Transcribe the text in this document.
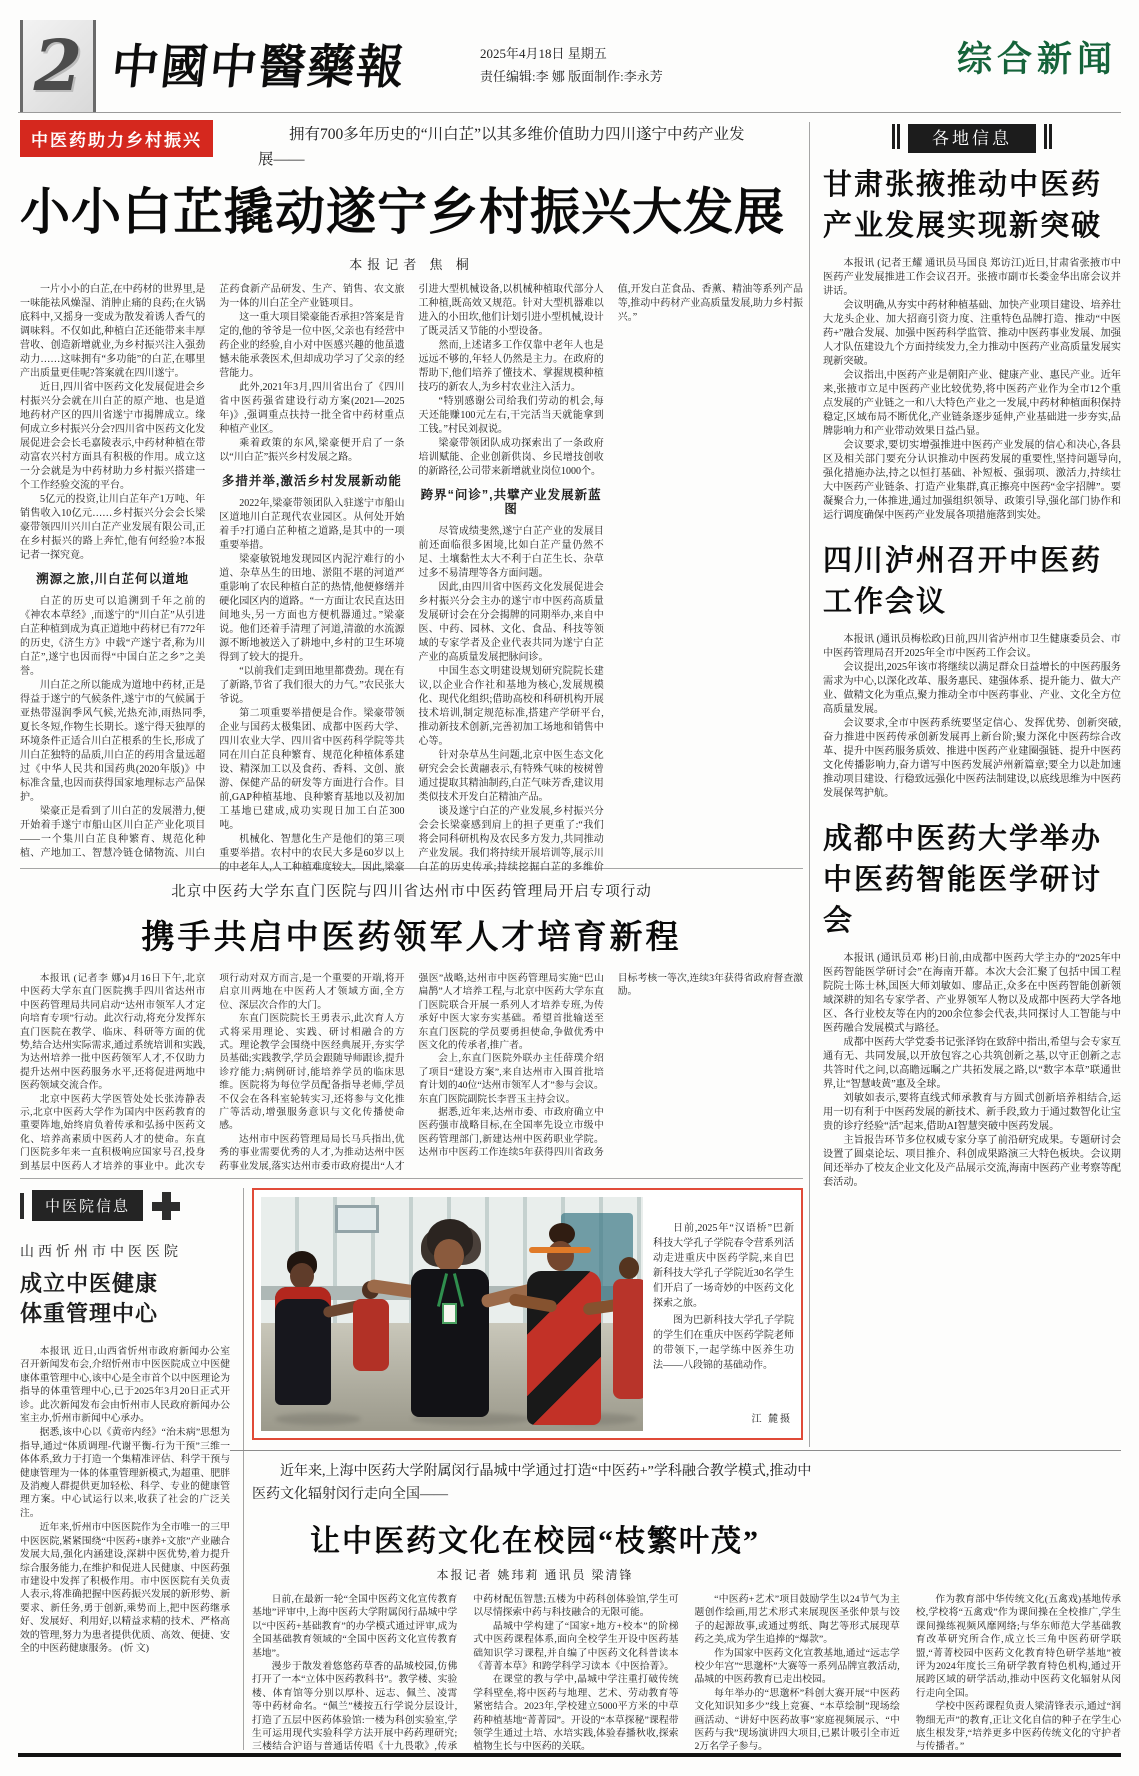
2 中國中醫藥報	2025年4月18日 星期五
责任编辑:李 娜 版面制作:李永芳	综合新闻
中医药助力乡村振兴	拥有700多年历史的“川白芷”以其多维价值助力四川遂宁中药产业发展——
小小白芷撬动遂宁乡村振兴大发展
本报记者 焦 桐

一片小小的白芷,在中药材的世界里,是一味能祛风燥湿、消肿止痛的良药;在火锅底料中,又摇身一变成为散发着诱人香气的调味料。不仅如此,种植白芷还能带来丰厚营收、创造新增就业,为乡村振兴注入强劲动力……这味拥有“多功能”的白芷,在哪里产出质量更佳呢?答案就在四川遂宁。

近日,四川省中医药文化发展促进会乡村振兴分会就在川白芷的原产地、也是道地药材产区的四川省遂宁市揭牌成立。缘何成立乡村振兴分会?四川省中医药文化发展促进会会长毛嘉陵表示,中药材种植在带动富农兴村方面具有积极的作用。成立这一分会就是为中药材助力乡村振兴搭建一个工作经验交流的平台。

5亿元的投资,让川白芷年产1万吨、年销售收入10亿元……乡村振兴分会会长梁豪带领四川兴川白芷产业发展有限公司,正在乡村振兴的路上奔忙,他有何经验?本报记者一探究竟。

溯源之旅,川白芷何以道地

白芷的历史可以追溯到千年之前的《神农本草经》,而遂宁的“川白芷”从引进白芷种植到成为真正道地中药材已有772年的历史,《济生方》中载“产遂宁者,称为川白芷”,遂宁也因而得“中国白芷之乡”之美誉。

川白芷之所以能成为道地中药材,正是得益于遂宁的气候条件,遂宁市的气候属于亚热带湿润季风气候,光热充沛,雨热同季,夏长冬短,作物生长期长。遂宁得天独厚的环境条件正适合川白芷根系的生长,形成了川白芷独特的品质,川白芷的药用含量远超过《中华人民共和国药典(2020年版)》中标准含量,也因而获得国家地理标志产品保护。

梁豪正是看到了川白芷的发展潜力,便开始着手遂宁市船山区川白芷产业化项目——一个集川白芷良种繁育、规范化种植、产地加工、智慧冷链仓储物流、川白芷药食新产品研发、生产、销售、农文旅为一体的川白芷全产业链项目。

这一重大项目梁豪能否承担?答案是肯定的,他的爷爷是一位中医,父亲也有经营中药企业的经验,自小对中医感兴趣的他虽遗憾未能承袭医术,但却成功学习了父亲的经营能力。

此外,2021年3月,四川省出台了《四川省中医药强省建设行动方案(2021—2025年)》,强调重点扶持一批全省中药材重点种植产业区。

乘着政策的东风,梁豪便开启了一条以“川白芷”振兴乡村发展之路。

多措并举,激活乡村发展新动能

2022年,梁豪带领团队入驻遂宁市船山区道地川白芷现代农业园区。从何处开始着手?打通白芷种植之道路,是其中的一项重要举措。

梁豪敏锐地发现园区内泥泞难行的小道、杂草丛生的田地、淤阻不堪的河道严重影响了农民种植白芷的热情,他便修缮并硬化园区内的道路。“一方面让农民直达田间地头,另一方面也方便机器通过。”梁豪说。他们还着手清理了河道,清澈的水流源源不断地被送入了耕地中,乡村的卫生环境得到了较大的提升。

“以前我们走到田地里都费劲。现在有了新路,节省了我们很大的力气。”农民张大爷说。

第二项重要举措便是合作。梁豪带领企业与国药太极集团、成都中医药大学、四川农业大学、四川省中医药科学院等共同在川白芷良种繁育、规范化种植体系建设、精深加工以及食药、香料、文创、旅游、保健产品的研发等方面进行合作。目前,GAP种植基地、良种繁育基地以及初加工基地已建成,成功实现日加工白芷300吨。

机械化、智慧化生产是他们的第三项重要举措。农村中的农民大多是60岁以上的中老年人,人工种植难度较大。因此,梁豪引进大型机械设备,以机械种植取代部分人工种植,既高效又规范。针对大型机器难以进入的小田坎,他们计划引进小型机械,设计了既灵活又节能的小型设备。

然而,上述诸多工作仅靠中老年人也是远远不够的,年轻人仍然是主力。在政府的帮助下,他们培养了懂技术、掌握规模种植技巧的新农人,为乡村农业注入活力。

“特别感谢公司给我们劳动的机会,每天还能赚100元左右,干完活当天就能拿到工钱。”村民刘叔说。

梁豪带领团队成功探索出了一条政府培训赋能、企业创新供岗、乡民增技创收的新路径,公司带来新增就业岗位1000个。

跨界“问诊”,共擘产业发展新蓝图

尽管成绩斐然,遂宁白芷产业的发展目前还面临很多困境,比如白芷产量仍然不足、土壤黏性太大不利于白芷生长、杂草过多不易清理等各方面问题。

因此,由四川省中医药文化发展促进会乡村振兴分会主办的遂宁市中医药高质量发展研讨会在分会揭牌的同期举办,来自中医、中药、园林、文化、食品、科技等领域的专家学者及企业代表共同为遂宁白芷产业的高质量发展把脉问诊。

中国生态文明建设规划研究院院长建议,以企业合作社和基地为核心,发展规模化、现代化组织;借助高校和科研机构开展技术培训,制定规范标准,搭建产学研平台,推动新技术创新,完善初加工场地和销售中心等。

针对杂草丛生问题,北京中医生态文化研究会会长黄翮表示,有特殊气味的桉树曾通过提取其精油制药,白芷气味芳香,建议用类似技术开发白芷精油产品。

谈及遂宁白芷的产业发展,乡村振兴分会会长梁豪感到肩上的担子更重了:“我们将会同科研机构及农民多方发力,共同推动产业发展。我们将持续开展培训等,展示川白芷的历史传承;持续挖掘白芷的多维价值,开发白芷食品、香薰、精油等系列产品等,推动中药材产业高质量发展,助力乡村振兴。”

各地信息
甘肃张掖推动中医药产业发展实现新突破

本报讯 (记者王耀 通讯员马国良 郑访江)近日,甘肃省张掖市中医药产业发展推进工作会议召开。张掖市副市长娄金华出席会议并讲话。

会议明确,从夯实中药材种植基础、加快产业项目建设、培养壮大龙头企业、加大招商引资力度、注重特色品牌打造、推动“中医药+”融合发展、加强中医药科学监管、推动中医药事业发展、加强人才队伍建设九个方面持续发力,全力推动中医药产业高质量发展实现新突破。

会议指出,中医药产业是朝阳产业、健康产业、惠民产业。近年来,张掖市立足中医药产业比较优势,将中医药产业作为全市12个重点发展的产业链之一和八大特色产业之一发展,中药材种植面积保持稳定,区域布局不断优化,产业链条逐步延伸,产业基础进一步夯实,品牌影响力和产业带动效果日益凸显。

会议要求,要切实增强推进中医药产业发展的信心和决心,各县区及相关部门要充分认识推动中医药发展的重要性,坚持问题导向,强化措施办法,持之以恒打基础、补短板、强弱项、激活力,持续壮大中医药产业链条、打造产业集群,真正擦亮中医药“金字招牌”。要凝聚合力,一体推进,通过加强组织领导、政策引导,强化部门协作和运行调度确保中医药产业发展各项措施落到实处。

四川泸州召开中医药工作会议

本报讯 (通讯员梅松政)日前,四川省泸州市卫生健康委员会、市中医药管理局召开2025年全市中医药工作会议。

会议提出,2025年该市将继续以满足群众日益增长的中医药服务需求为中心,以深化改革、服务惠民、建强体系、提升能力、做大产业、做精文化为重点,聚力推动全市中医药事业、产业、文化全方位高质量发展。

会议要求,全市中医药系统要坚定信心、发挥优势、创新突破,奋力推进中医药传承创新发展再上新台阶;聚力深化中医药综合改革、提升中医药服务质效、推进中医药产业建圈强链、提升中医药文化传播影响力,奋力谱写中医药发展泸州新篇章;要全力以赴加速推动项目建设、行稳致远强化中医药法制建设,以底线思维为中医药发展保驾护航。

成都中医药大学举办中医药智能医学研讨会

本报讯 (通讯员邓 彬)日前,由成都中医药大学主办的“2025年中医药智能医学研讨会”在海南开幕。本次大会汇聚了包括中国工程院院士陈士林,国医大师刘敏如、廖品正,众多在中医药智能创新领域深耕的知名专家学者、产业界领军人物以及成都中医药大学各地区、各行业校友等在内的200余位参会代表,共同探讨人工智能与中医药融合发展模式与路径。

成都中医药大学党委书记张泽钧在致辞中指出,希望与会专家互通有无、共同发展,以开放包容之心共筑创新之基,以守正创新之志共答时代之问,以高瞻远瞩之广共拓发展之路,以“数字本草”联通世界,让“智慧岐黄”惠及全球。

刘敏如表示,要将直线式师承教育与方圆式创新培养相结合,运用一切有利于中医药发展的新技术、新手段,致力于通过数智化让宝贵的诊疗经验“活”起来,借助AI智慧突破中医药发展。

主旨报告环节多位权威专家分享了前沿研究成果。专题研讨会设置了圆桌论坛、项目推介、科创成果路演三大特色板块。会议期间还举办了校友企业文化及产品展示交流,海南中医药产业考察等配套活动。

北京中医药大学东直门医院与四川省达州市中医药管理局开启专项行动
携手共启中医药领军人才培育新程

本报讯 (记者李 娜)4月16日下午,北京中医药大学东直门医院携手四川省达州市中医药管理局共同启动“达州市领军人才定向培育专项”行动。此次行动,将充分发挥东直门医院在教学、临床、科研等方面的优势,结合达州实际需求,通过系统培训和实践,为达州培养一批中医药领军人才,不仅助力提升达州中医药服务水平,还将促进两地中医药领域交流合作。

北京中医药大学医管处处长张涛静表示,北京中医药大学作为国内中医药教育的重要阵地,始终肩负着传承和弘扬中医药文化、培养高素质中医药人才的使命。东直门医院多年来一直积极响应国家号召,投身到基层中医药人才培养的事业中。此次专项行动对双方而言,是一个重要的开端,将开启京川两地在中医药人才领域方面,全方位、深层次合作的大门。

东直门医院院长王勇表示,此次育人方式将采用理论、实践、研讨相融合的方式。理论教学会围绕中医经典展开,夯实学员基础;实践教学,学员会跟随导师跟诊,提升诊疗能力;病例研讨,能培养学员的临床思维。医院将为每位学员配备指导老师,学员不仅会在各科室轮转实习,还将参与文化推广等活动,增强服务意识与文化传播使命感。

达州市中医药管理局局长马兵指出,优秀的事业需要优秀的人才,为推动达州中医药事业发展,落实达州市委市政府提出“人才强医”战略,达州市中医药管理局实施“巴山扁鹊”人才培养工程,与北京中医药大学东直门医院联合开展一系列人才培养专班,为传承好中医大家夯实基础。希望首批输送至东直门医院的学员要勇担使命,争做优秀中医文化的传承者,推广者。

会上,东直门医院外联办主任薛璞介绍了项目“建设方案”,来自达州市入围首批培育计划的40位“达州市领军人才”参与会议。东直门医院副院长李晋玉主持会议。

据悉,近年来,达州市委、市政府确立中医药强市战略目标,在全国率先设立市级中医药管理部门,新建达州中医药职业学院。达州市中医药工作连续5年获得四川省政务目标考核一等次,连续3年获得省政府督查激励。

中医院信息
山西忻州市中医医院
成立中医健康
体重管理中心

本报讯 近日,山西省忻州市政府新闻办公室召开新闻发布会,介绍忻州市中医医院成立中医健康体重管理中心,该中心是全市首个以中医理论为指导的体重管理中心,已于2025年3月20日正式开诊。此次新闻发布会由忻州市人民政府新闻办公室主办,忻州市新闻中心承办。

据悉,该中心以《黄帝内经》“治未病”思想为指导,通过“体质调理-代谢平衡-行为干预”三维一体体系,致力于打造一个集精准评估、科学干预与健康管理为一体的体重管理新模式,为超重、肥胖及消瘦人群提供更加轻松、科学、专业的健康管理方案。中心试运行以来,收获了社会的广泛关注。

近年来,忻州市中医医院作为全市唯一的三甲中医医院,紧紧围绕“中医药+康养+文旅”产业融合发展大局,强化内涵建设,深耕中医优势,着力提升综合服务能力,在维护和促进人民健康、中医药强市建设中发挥了积极作用。市中医医院有关负责人表示,将准确把握中医药振兴发展的新形势、新要求、新任务,勇于创新,乘势而上,把中医药继承好、发展好、利用好,以精益求精的技术、严格高效的管理,努力为患者提供优质、高效、便捷、安全的中医药健康服务。 (忻 文)

日前,2025年“汉语桥”巴新科技大学孔子学院春令营系列活动走进重庆中医药学院,来自巴新科技大学孔子学院近30名学生们开启了一场奇妙的中医药文化探索之旅。

图为巴新科技大学孔子学院的学生们在重庆中医药学院老师的带领下,一起学练中医养生功法——八段锦的基础动作。

江 麓摄
近年来,上海中医药大学附属闵行晶城中学通过打造“中医药+”学科融合教学模式,推动中医药文化辐射闵行走向全国——
让中医药文化在校园“枝繁叶茂”
本报记者 姚玮莉 通讯员 梁清锋

日前,在最新一轮“全国中医药文化宣传教育基地”评审中,上海中医药大学附属闵行晶城中学以“中医药+基础教育”的办学模式通过评审,成为全国基础教育领域的“全国中医药文化宣传教育基地”。

漫步于散发着悠悠药草香的晶城校园,仿佛打开了一本“立体中医药教科书”。教学楼、实验楼、体育馆等分别以厚朴、远志、佩兰、凌霄等中药材命名。“佩兰”楼按五行学说分层设计,打造了五层中医药体验馆:一楼为科创实验室,学生可运用现代实验科学方法开展中药药理研究;三楼结合沪语与普通话传唱《十九畏歌》,传承中药材配伍智慧;五楼为中药科创体验馆,学生可以尽情探索中药与科技融合的无限可能。

晶城中学构建了“国家+地方+校本”的阶梯式中医药课程体系,面向全校学生开设中医药基础知识学习课程,并自编了中医药文化科普读本《菁菁本草》和跨学科学习读本《中医拾菁》。

在课堂的教与学中,晶城中学注重打破传统学科壁垒,将中医药与地理、艺术、劳动教育等紧密结合。2023年,学校建立5000平方米的中草药种植基地“菁菁园”。开设的“本草探秘”课程带领学生通过土培、水培实践,体验春播秋收,探索植物生长与中医药的关联。

“中医药+艺术”项目鼓励学生以24节气为主题创作绘画,用艺术形式来展现医圣张仲景与饺子的起源故事,或通过剪纸、陶艺等形式展现草药之美,成为学生追捧的“爆款”。

作为国家中医药文化宣教基地,通过“远志学校少年宫”“思邈杯”大赛等一系列品牌宣教活动,晶城的中医药教育已走出校园。

每年举办的“思邈杯”科创大赛开展“中医药文化知识知多少”线上竞赛、“本草绘制”现场绘画活动、“讲好中医药故事”家庭视频展示、“中医药与我”现场演讲四大项目,已累计吸引全市近2万名学子参与。

作为教育部中华传统文化(五禽戏)基地传承校,学校将“五禽戏”作为课间操在全校推广,学生课间操练视频风靡网络;与华东师范大学基础教育改革研究所合作,成立长三角中医药研学联盟,“菁菁校园中医药文化教育特色研学基地”被评为2024年度长三角研学教育特色机构,通过开展跨区域的研学活动,推动中医药文化辐射从闵行走向全国。

学校中医药课程负责人梁清锋表示,通过“润物细无声”的教育,正让文化自信的种子在学生心底生根发芽,“培养更多中医药传统文化的守护者与传播者。”
